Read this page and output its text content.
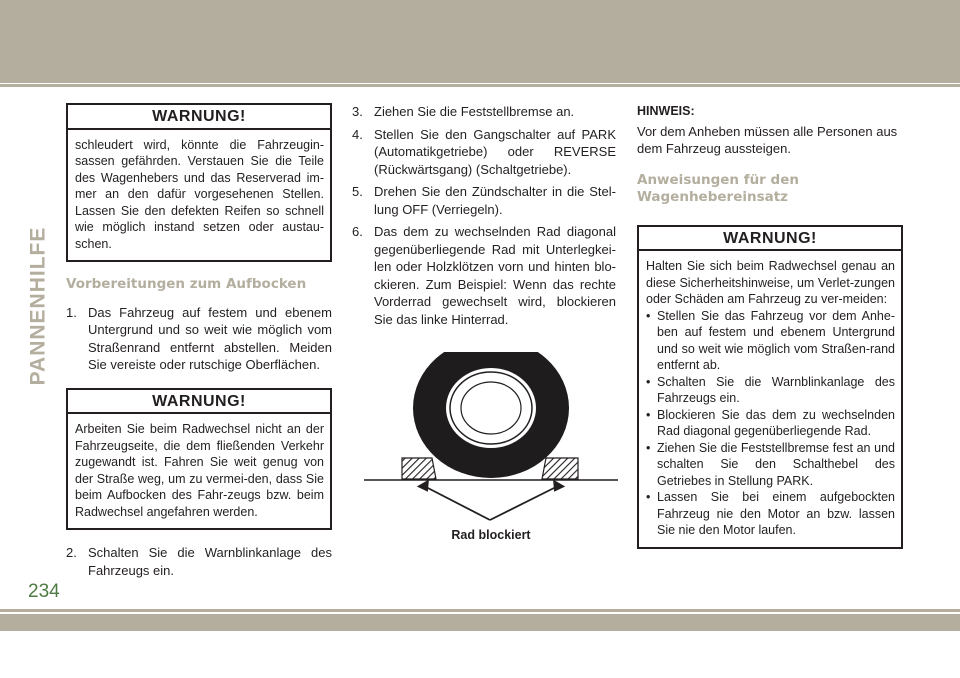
PANNENHILFE
WARNUNG!

schleudert wird, könnte die Fahrzeugin-sassen gefährden. Verstauen Sie die Teile des Wagenhebers und das Reserverad im-mer an den dafür vorgesehenen Stellen. Lassen Sie den defekten Reifen so schnell wie möglich instand setzen oder austau-schen.

Vorbereitungen zum Aufbocken
1. Das Fahrzeug auf festem und ebenem Untergrund und so weit wie möglich vom Straßenrand entfernt abstellen. Meiden Sie vereiste oder rutschige Oberflächen.
WARNUNG!

Arbeiten Sie beim Radwechsel nicht an der Fahrzeugseite, die dem fließenden Verkehr zugewandt ist. Fahren Sie weit genug von der Straße weg, um zu vermei-den, dass Sie beim Aufbocken des Fahr-zeugs bzw. beim Radwechsel angefahren werden.

2. Schalten Sie die Warnblinkanlage des Fahrzeugs ein.
3. Ziehen Sie die Feststellbremse an.
4. Stellen Sie den Gangschalter auf PARK (Automatikgetriebe) oder REVERSE (Rückwärtsgang) (Schaltgetriebe).
5. Drehen Sie den Zündschalter in die Stel-lung OFF (Verriegeln).
6. Das dem zu wechselnden Rad diagonal gegenüberliegende Rad mit Unterlegkei-len oder Holzklötzen vorn und hinten blo-ckieren. Zum Beispiel: Wenn das rechte Vorderrad gewechselt wird, blockieren Sie das linke Hinterrad.
Rad blockiert
HINWEIS:

Vor dem Anheben müssen alle Personen aus dem Fahrzeug aussteigen.

Anweisungen für den Wagenhebereinsatz
WARNUNG!

Halten Sie sich beim Radwechsel genau an diese Sicherheitshinweise, um Verlet-zungen oder Schäden am Fahrzeug zu ver-meiden:

• Stellen Sie das Fahrzeug vor dem Anhe-ben auf festem und ebenem Untergrund und so weit wie möglich vom Straßen-rand entfernt ab.
• Schalten Sie die Warnblinkanlage des Fahrzeugs ein.
• Blockieren Sie das dem zu wechselnden Rad diagonal gegenüberliegende Rad.
• Ziehen Sie die Feststellbremse fest an und schalten Sie den Schalthebel des Getriebes in Stellung PARK.
• Lassen Sie bei einem aufgebockten Fahrzeug nie den Motor an bzw. lassen Sie nie den Motor laufen.
234
